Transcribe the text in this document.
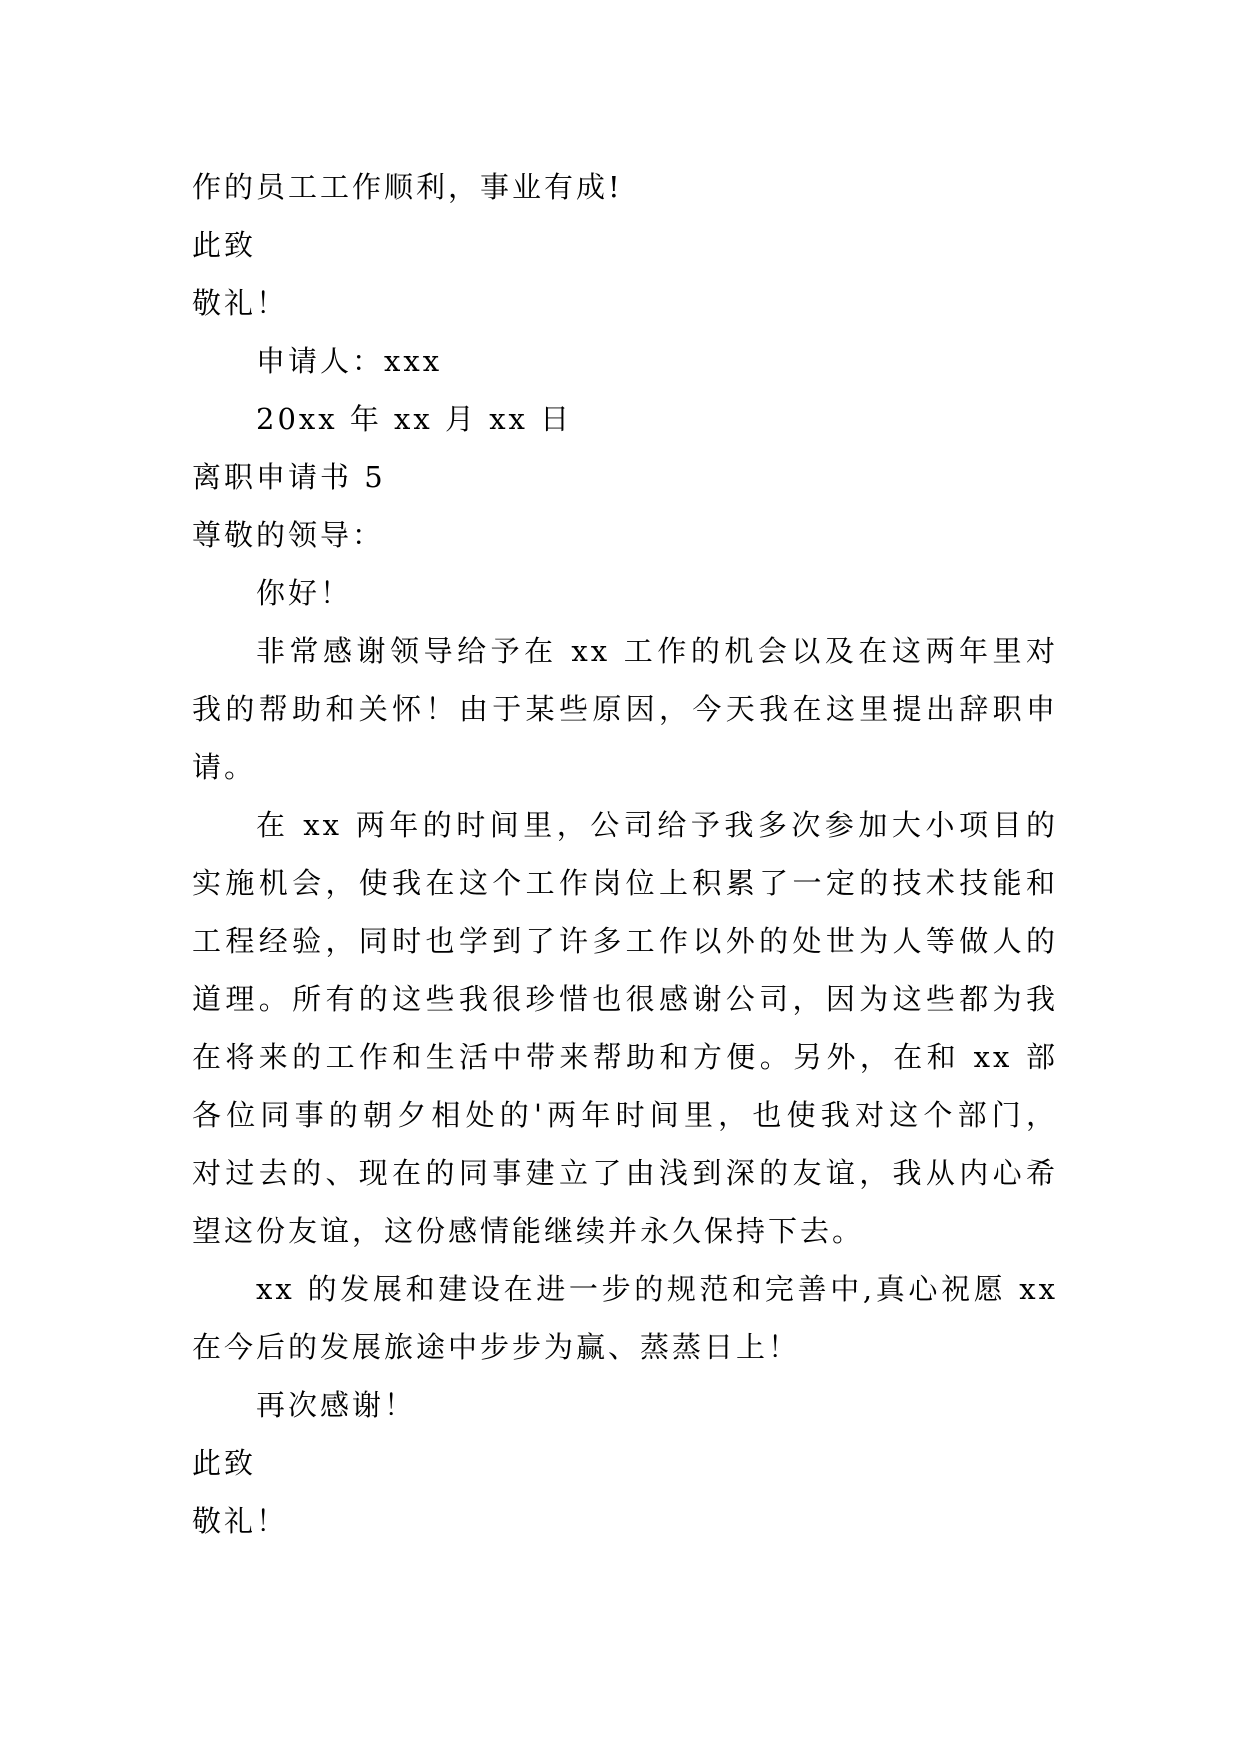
作的员工工作顺利，事业有成!
此致
敬礼！
申请人：xxx
20xx 年 xx 月 xx 日
离职申请书 5
尊敬的领导：
你好！
非常感谢领导给予在 xx 工作的机会以及在这两年里对
我的帮助和关怀！由于某些原因，今天我在这里提出辞职申
请。
在 xx 两年的时间里，公司给予我多次参加大小项目的
实施机会，使我在这个工作岗位上积累了一定的技术技能和
工程经验，同时也学到了许多工作以外的处世为人等做人的
道理。所有的这些我很珍惜也很感谢公司，因为这些都为我
在将来的工作和生活中带来帮助和方便。另外，在和 xx 部
各位同事的朝夕相处的'两年时间里，也使我对这个部门，
对过去的、现在的同事建立了由浅到深的友谊，我从内心希
望这份友谊，这份感情能继续并永久保持下去。
xx 的发展和建设在进一步的规范和完善中,真心祝愿 xx
在今后的发展旅途中步步为赢、蒸蒸日上！
再次感谢！
此致
敬礼！
